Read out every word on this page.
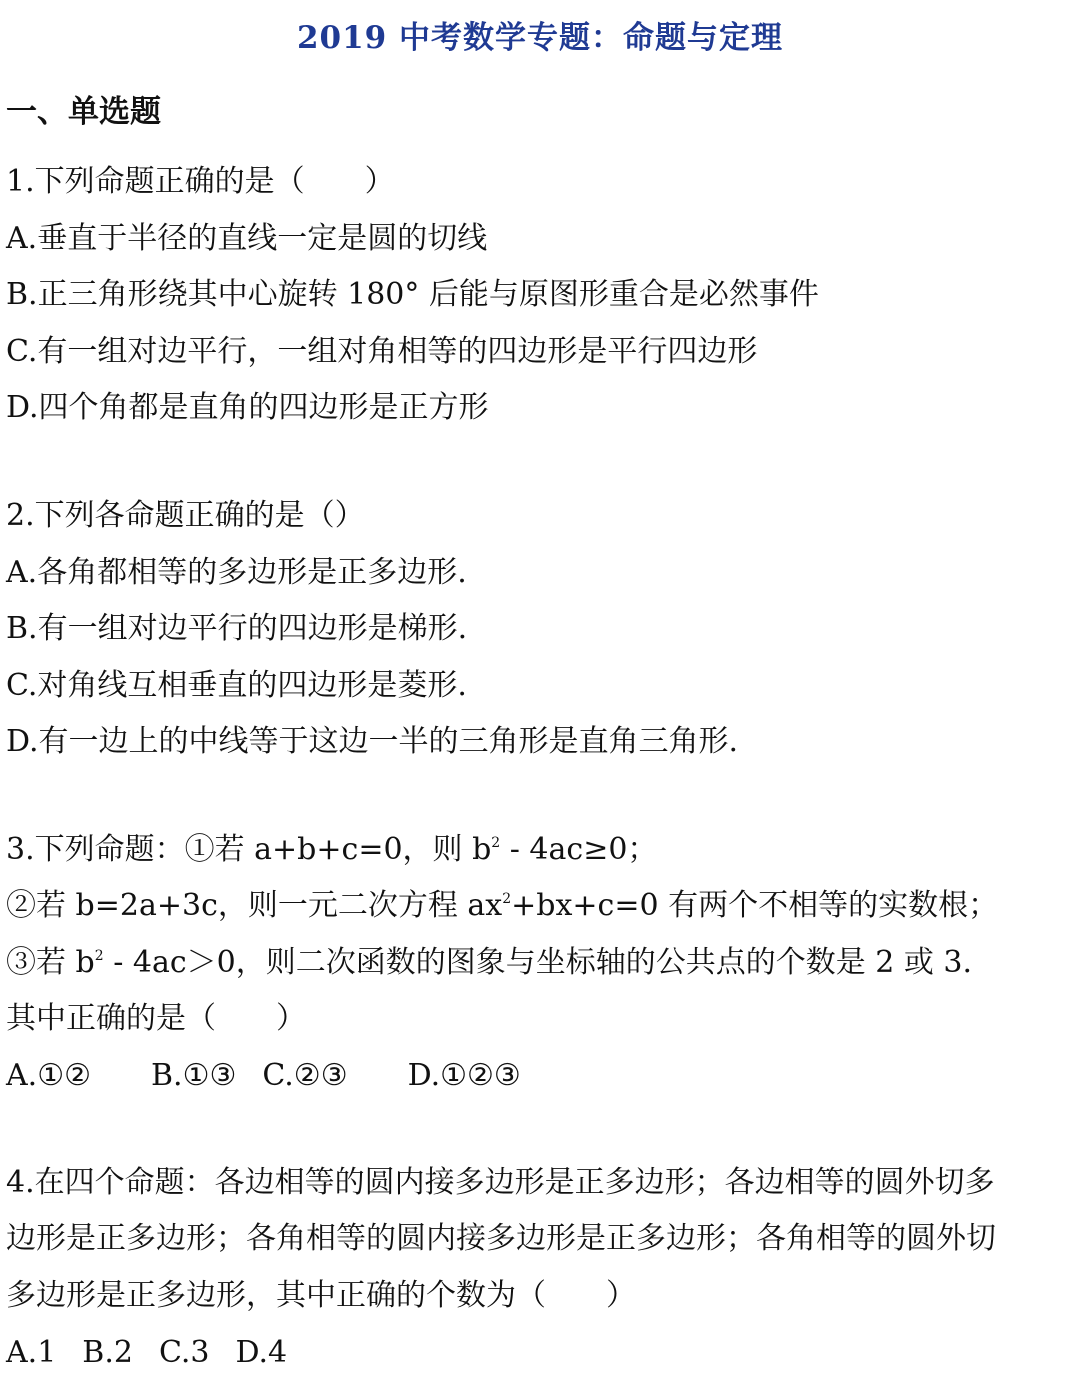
2019 中考数学专题：命题与定理
一、单选题
1.下列命题正确的是（　　）
A.垂直于半径的直线一定是圆的切线
B.正三角形绕其中心旋转 180° 后能与原图形重合是必然事件
C.有一组对边平行，一组对角相等的四边形是平行四边形
D.四个角都是直角的四边形是正方形
2.下列各命题正确的是（）
A.各角都相等的多边形是正多边形.
B.有一组对边平行的四边形是梯形.
C.对角线互相垂直的四边形是菱形.
D.有一边上的中线等于这边一半的三角形是直角三角形.
3.下列命题：①若 a+b+c=0，则 $b^2 - 4ac\ge 0$；
②若 b=2a+3c，则一元二次方程 $ax^2+bx+c=0$ 有两个不相等的实数根；
③若 $b^2 - 4ac>0$，则二次函数的图象与坐标轴的公共点的个数是 2 或 3.
其中正确的是（　　）
A.①② B.①③ C.②③ D.①②③
4.在四个命题：各边相等的圆内接多边形是正多边形；各边相等的圆外切多
边形是正多边形；各角相等的圆内接多边形是正多边形；各角相等的圆外切
多边形是正多边形，其中正确的个数为（　　）
A.1 B.2 C.3 D.4
